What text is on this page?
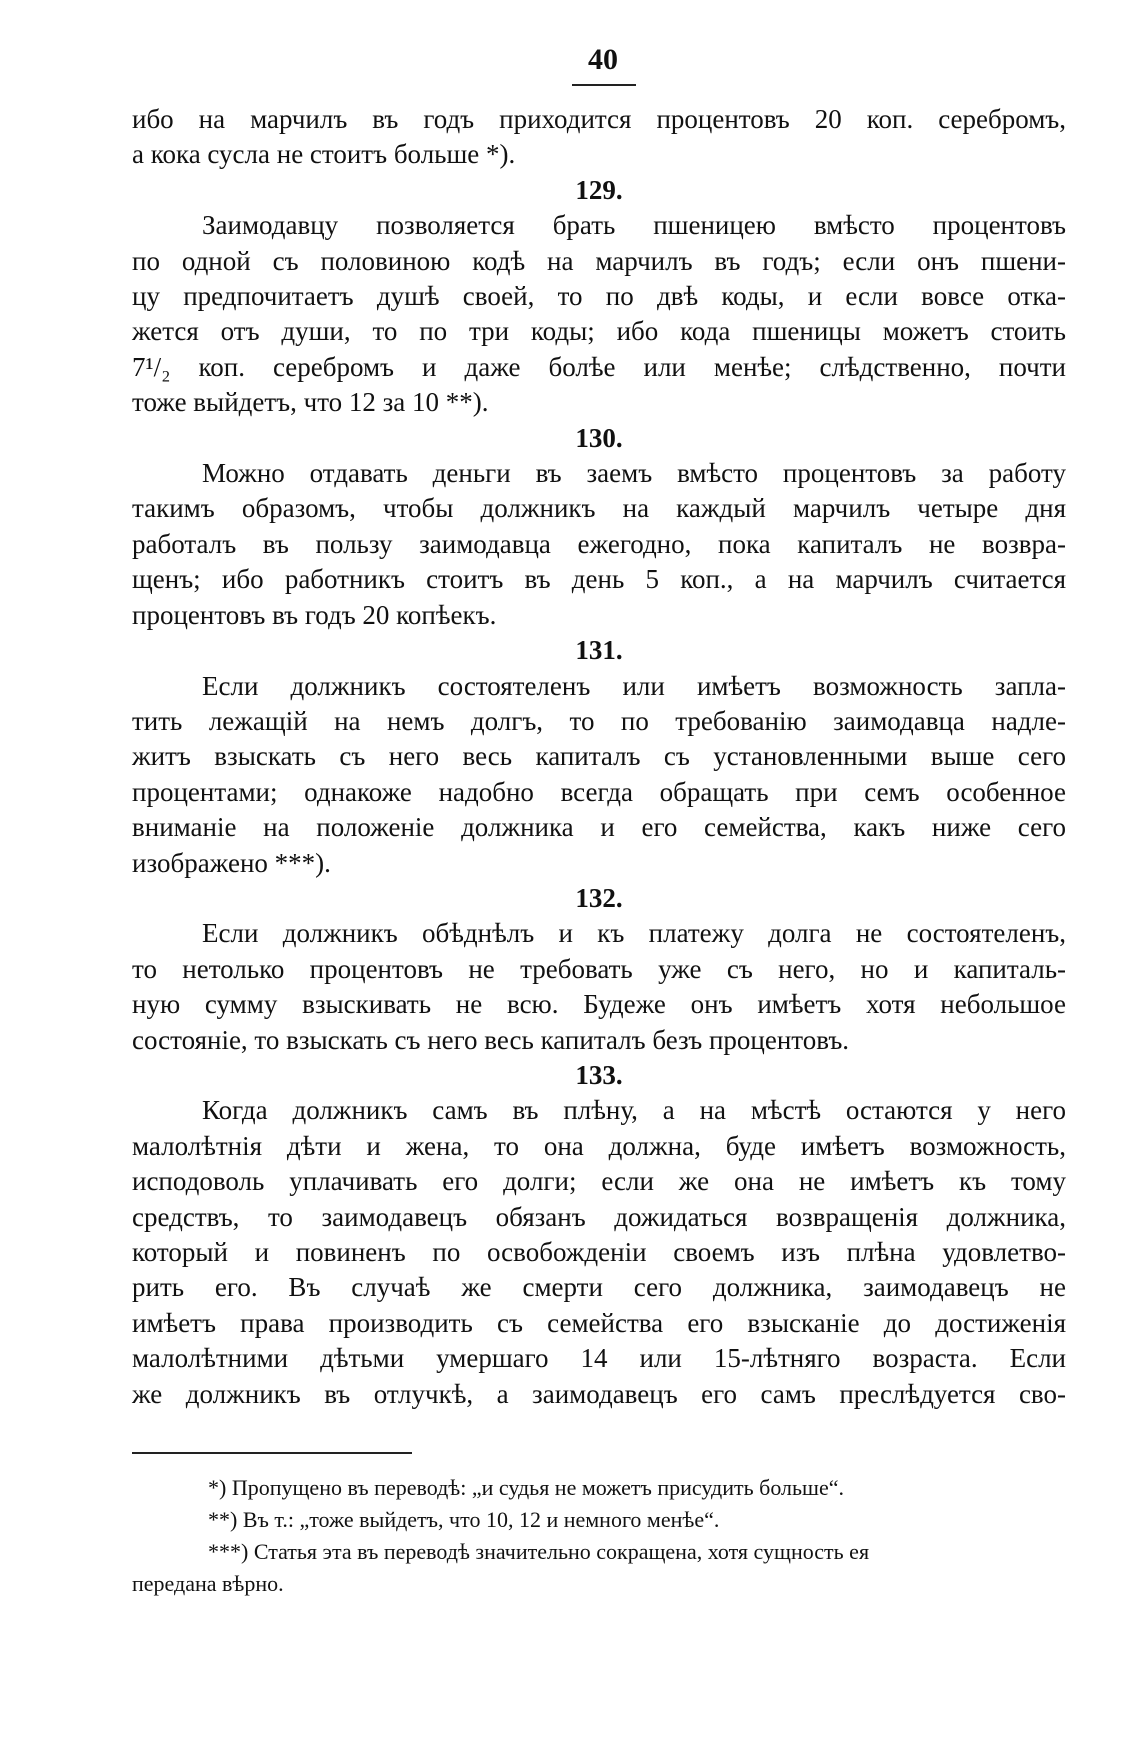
40
ибо на марчилъ въ годъ приходится процентовъ 20 коп. серебромъ,
а кока сусла не стоитъ больше *).
129.
Заимодавцу позволяется брать пшеницею вмѣсто процентовъ
по одной съ половиною кодѣ на марчилъ въ годъ; если онъ пшени-
цу предпочитаетъ душѣ своей, то по двѣ коды, и если вовсе отка-
жется отъ души, то по три коды; ибо кода пшеницы можетъ стоить
7¹/₂ коп. серебромъ и даже болѣе или менѣе; слѣдственно, почти
тоже выйдетъ, что 12 за 10 **).
130.
Можно отдавать деньги въ заемъ вмѣсто процентовъ за работу
такимъ образомъ, чтобы должникъ на каждый марчилъ четыре дня
работалъ въ пользу заимодавца ежегодно, пока капиталъ не возвра-
щенъ; ибо работникъ стоитъ въ день 5 коп., а на марчилъ считается
процентовъ въ годъ 20 копѣекъ.
131.
Если должникъ состоятеленъ или имѣетъ возможность запла-
тить лежащій на немъ долгъ, то по требованію заимодавца надле-
житъ взыскать съ него весь капиталъ съ установленными выше сего
процентами; однакоже надобно всегда обращать при семъ особенное
вниманіе на положеніе должника и его семейства, какъ ниже сего
изображено ***).
132.
Если должникъ обѣднѣлъ и къ платежу долга не состоятеленъ,
то нетолько процентовъ не требовать уже съ него, но и капиталь-
ную сумму взыскивать не всю. Будеже онъ имѣетъ хотя небольшое
состояніе, то взыскать съ него весь капиталъ безъ процентовъ.
133.
Когда должникъ самъ въ плѣну, а на мѣстѣ остаются у него
малолѣтнія дѣти и жена, то она должна, буде имѣетъ возможность,
исподоволь уплачивать его долги; если же она не имѣетъ къ тому
средствъ, то заимодавецъ обязанъ дожидаться возвращенія должника,
который и повиненъ по освобожденіи своемъ изъ плѣна удовлетво-
рить его. Въ случаѣ же смерти сего должника, заимодавецъ не
имѣетъ права производить съ семейства его взысканіе до достиженія
малолѣтними дѣтьми умершаго 14 или 15-лѣтняго возраста. Если
же должникъ въ отлучкѣ, а заимодавецъ его самъ преслѣдуется сво-
*) Пропущено въ переводѣ: „и судья не можетъ присудить больше“.
**) Въ т.: „тоже выйдетъ, что 10, 12 и немного менѣе“.
***) Статья эта въ переводѣ значительно сокращена, хотя сущность ея
передана вѣрно.
